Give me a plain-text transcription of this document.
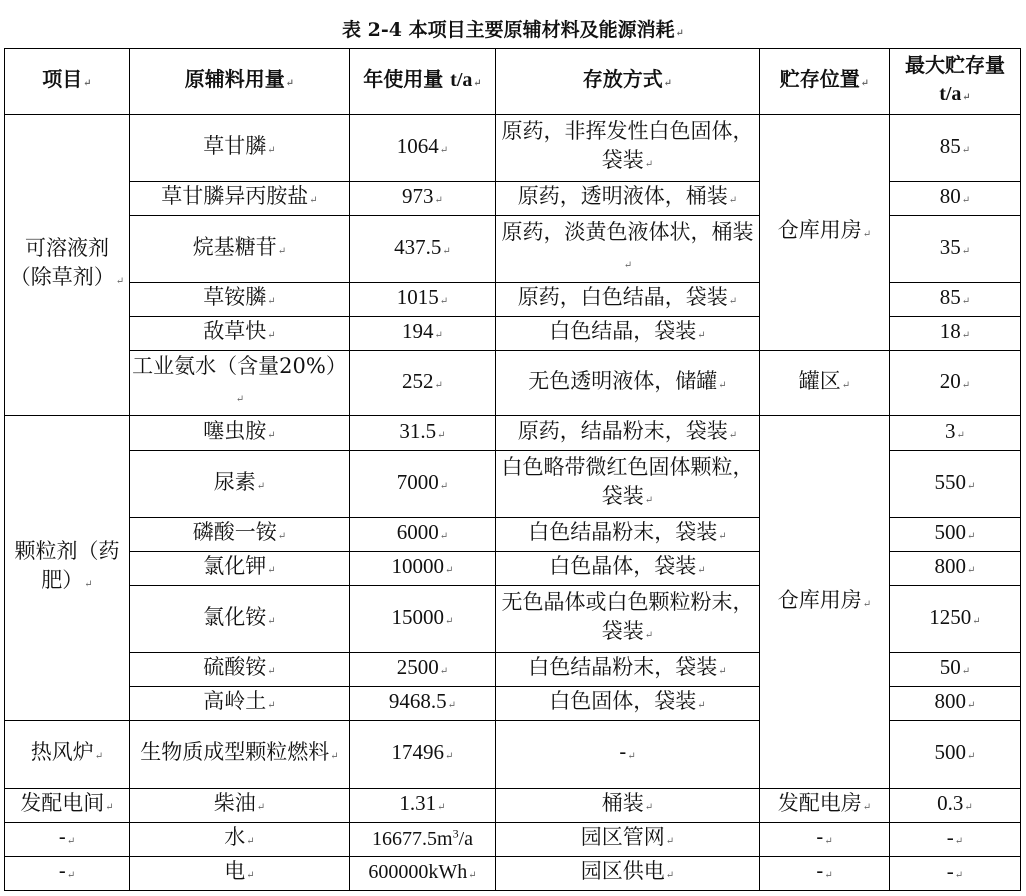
表 2-4 本项目主要原辅材料及能源消耗 ↵
项目 ↵	原辅料用量 ↵	年使用量 t/a ↵	存放方式 ↵	贮存位置 ↵	最大贮存量
t/a ↵
可溶液剂（除草剂） ↵	草甘膦 ↵	1064 ↵	原药，非挥发性白色固体，袋装 ↵	仓库用房 ↵	85 ↵
	草甘膦异丙胺盐 ↵	973 ↵	原药，透明液体，桶装 ↵		80 ↵
	烷基糖苷 ↵	437.5 ↵	原药，淡黄色液体状，桶装 ↵		35 ↵
	草铵膦 ↵	1015 ↵	原药，白色结晶，袋装 ↵		85 ↵
	敌草快 ↵	194 ↵	白色结晶，袋装 ↵		18 ↵
	工业氨水（含量20%） ↵	252 ↵	无色透明液体，储罐 ↵	罐区 ↵	20 ↵
颗粒剂（药肥） ↵	噻虫胺 ↵	31.5 ↵	原药，结晶粉末，袋装 ↵	仓库用房 ↵	3 ↵
	尿素 ↵	7000 ↵	白色略带微红色固体颗粒，袋装 ↵		550 ↵
	磷酸一铵 ↵	6000 ↵	白色结晶粉末，袋装 ↵		500 ↵
	氯化钾 ↵	10000 ↵	白色晶体，袋装 ↵		800 ↵
	氯化铵 ↵	15000 ↵	无色晶体或白色颗粒粉末，袋装 ↵		1250 ↵
	硫酸铵 ↵	2500 ↵	白色结晶粉末，袋装 ↵		50 ↵
	高岭土 ↵	9468.5 ↵	白色固体，袋装 ↵		800 ↵
热风炉 ↵	生物质成型颗粒燃料 ↵	17496 ↵	- ↵		500 ↵
发配电间 ↵	柴油 ↵	1.31 ↵	桶装 ↵	发配电房 ↵	0.3 ↵
- ↵	水 ↵	$16677.5m^3/a$	园区管网 ↵	- ↵	- ↵
- ↵	电 ↵	600000kWh ↵	园区供电 ↵	- ↵	- ↵
